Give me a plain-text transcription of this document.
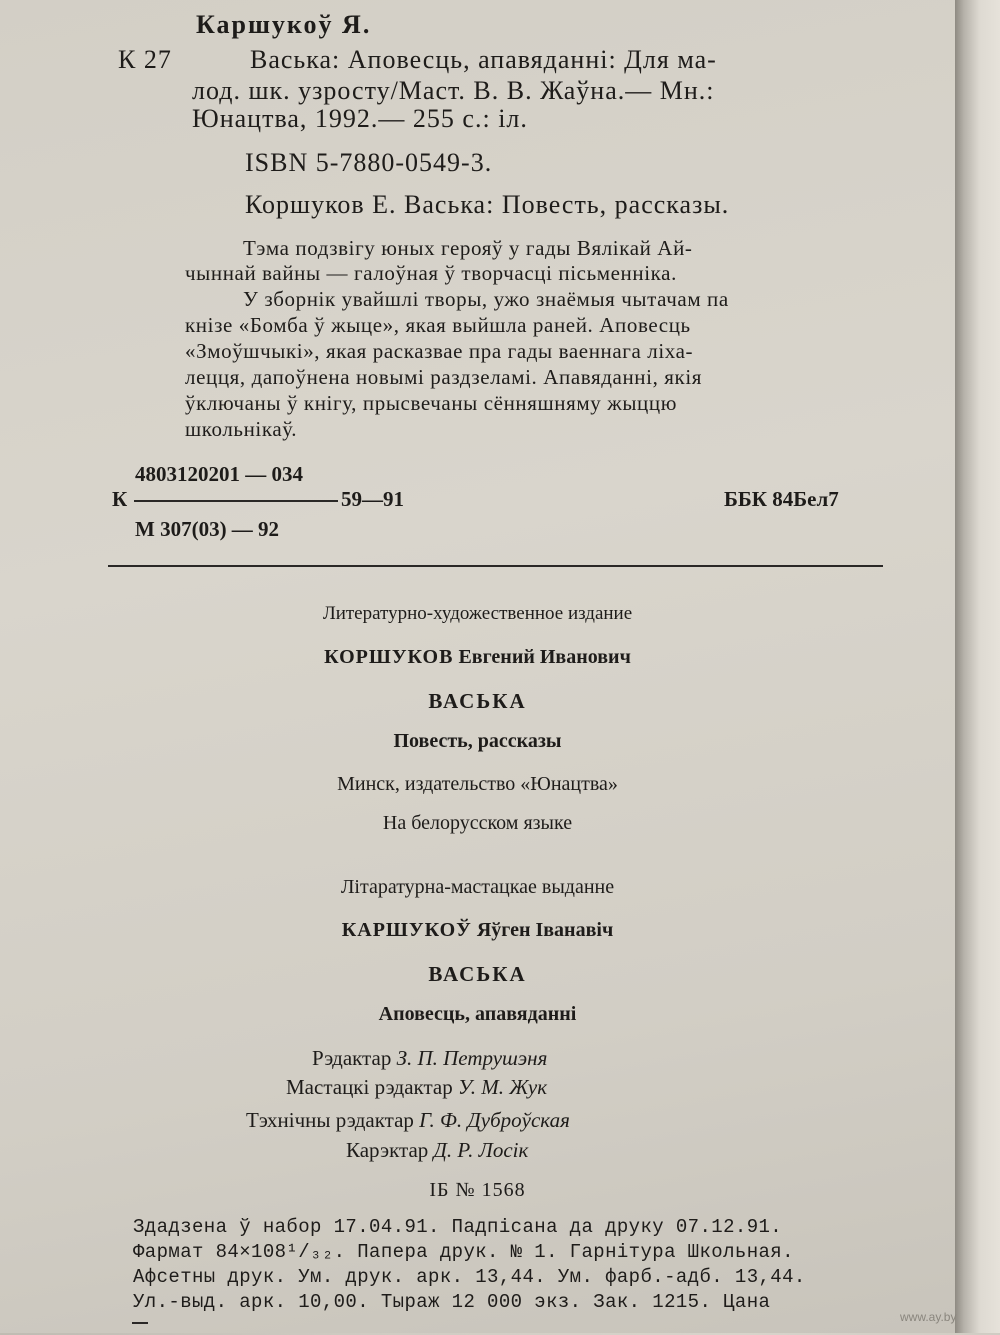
Каршукоў Я.
К 27	Васька: Аповесць, апавяданні: Для ма-
лод. шк. узросту/Маст. В. В. Жаўна.— Мн.:
Юнацтва, 1992.— 255 с.: іл.
ISBN 5-7880-0549-3.
Коршуков Е. Васька: Повесть, рассказы.
Тэма подзвігу юных герояў у гады Вялікай Ай-
чыннай вайны — галоўная ў творчасці пісьменніка.
У зборнік увайшлі творы, ужо знаёмыя чытачам па
кнізе «Бомба ў жыце», якая выйшла раней. Аповесць
«Змоўшчыкі», якая расказвае пра гады ваеннага ліха-
лецця, дапоўнена новымі раздзеламі. Апавяданні, якія
ўключаны ў кнігу, прысвечаны сённяшняму жыццю
школьнікаў.
4803120201 — 034
К	59—91
М 307(03) — 92
ББК 84Бел7
Литературно-художественное издание
КОРШУКОВ Евгений Иванович
ВАСЬКА
Повесть, рассказы
Минск, издательство «Юнацтва»
На белорусском языке
Літаратурна-мастацкае выданне
КАРШУКОЎ Яўген Іванавіч
ВАСЬКА
Аповесць, апавяданні
Рэдактар З. П. Петрушэня
Мастацкі рэдактар У. М. Жук
Тэхнічны рэдактар Г. Ф. Дуброўская
Карэктар Д. Р. Лосік
ІБ № 1568
Здадзена ў набор 17.04.91. Падпісана да друку 07.12.91.
Фармат 84×108¹/₃₂. Папера друк. № 1. Гарнітура Школьная.
Афсетны друк. Ум. друк. арк. 13,44. Ум. фарб.-адб. 13,44.
Ул.-выд. арк. 10,00. Тыраж 12 000 экз. Зак. 1215. Цана
www.ay.by
